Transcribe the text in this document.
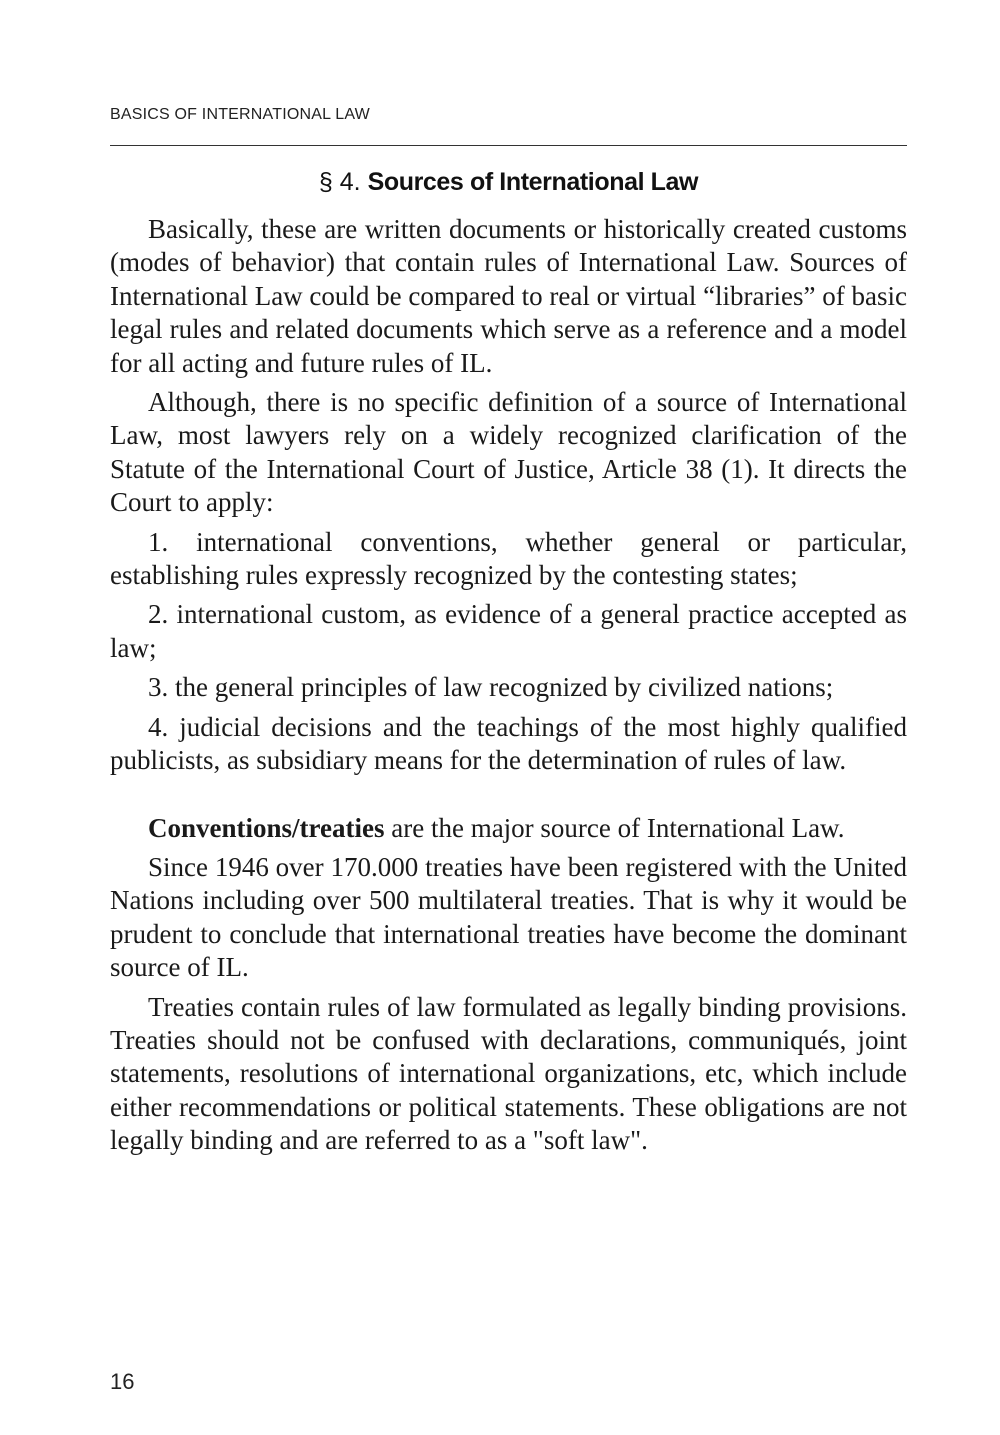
BASICS OF INTERNATIONAL LAW
§ 4. Sources of International Law

Basically, these are written documents or historically created customs (modes of behavior) that contain rules of International Law. Sources of International Law could be compared to real or virtual “libraries” of basic legal rules and related documents which serve as a reference and a model for all acting and future rules of IL.

Although, there is no specific definition of a source of International Law, most lawyers rely on a widely recognized clarification of the Statute of the International Court of Justice, Article 38 (1). It directs the Court to apply:

1. international conventions, whether general or particular, establishing rules expressly recognized by the contesting states;

2. international custom, as evidence of a general practice accepted as law;

3. the general principles of law recognized by civilized nations;

4. judicial decisions and the teachings of the most highly qualified publicists, as subsidiary means for the determination of rules of law.

Conventions/treaties are the major source of International Law.

Since 1946 over 170.000 treaties have been registered with the United Nations including over 500 multilateral treaties. That is why it would be prudent to conclude that international treaties have become the dominant source of IL.

Treaties contain rules of law formulated as legally binding provisions. Treaties should not be confused with declarations, communiqués, joint statements, resolutions of international organizations, etc, which include either recommendations or political statements. These obligations are not legally binding and are referred to as a "soft law".

16
